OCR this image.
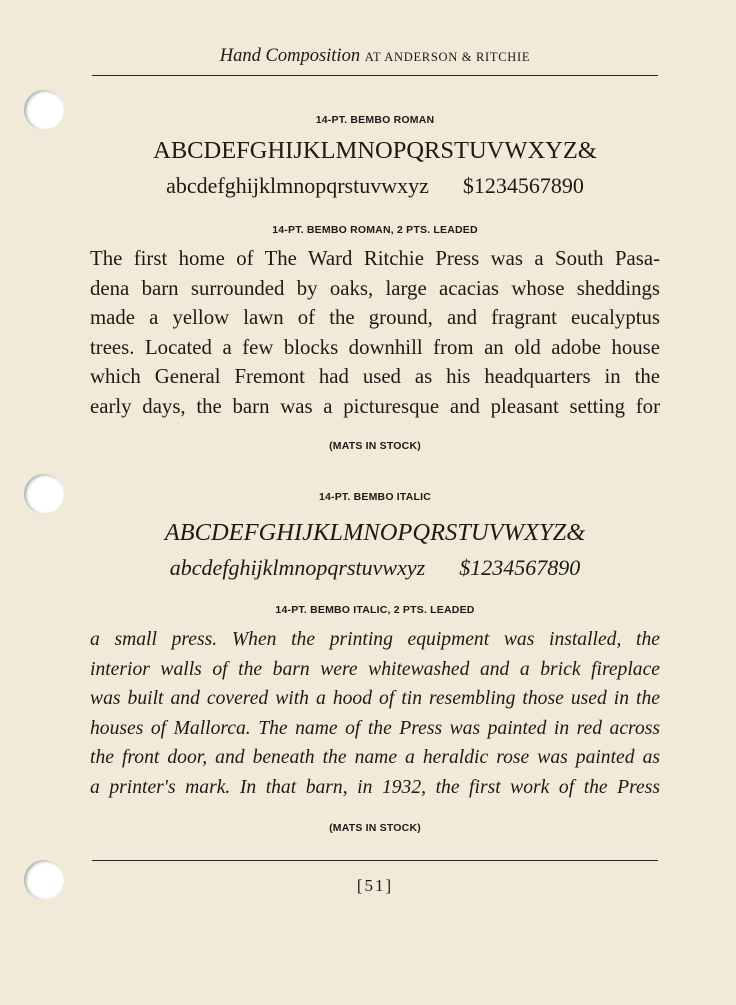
Hand Composition AT ANDERSON & RITCHIE
14-PT. BEMBO ROMAN
ABCDEFGHIJKLMNOPQRSTUVWXYZ&
abcdefghijklmnopqrstuvwxyz $1234567890
14-PT. BEMBO ROMAN, 2 PTS. LEADED
The first home of The Ward Ritchie Press was a South Pasa-
dena barn surrounded by oaks, large acacias whose sheddings
made a yellow lawn of the ground, and fragrant eucalyptus
trees. Located a few blocks downhill from an old adobe house
which General Fremont had used as his headquarters in the
early days, the barn was a picturesque and pleasant setting for
(MATS IN STOCK)
14-PT. BEMBO ITALIC
ABCDEFGHIJKLMNOPQRSTUVWXYZ&
abcdefghijklmnopqrstuvwxyz $1234567890
14-PT. BEMBO ITALIC, 2 PTS. LEADED
a small press. When the printing equipment was installed, the
interior walls of the barn were whitewashed and a brick fireplace
was built and covered with a hood of tin resembling those used in the
houses of Mallorca. The name of the Press was painted in red across
the front door, and beneath the name a heraldic rose was painted as
a printer's mark. In that barn, in 1932, the first work of the Press
(MATS IN STOCK)
[51]
